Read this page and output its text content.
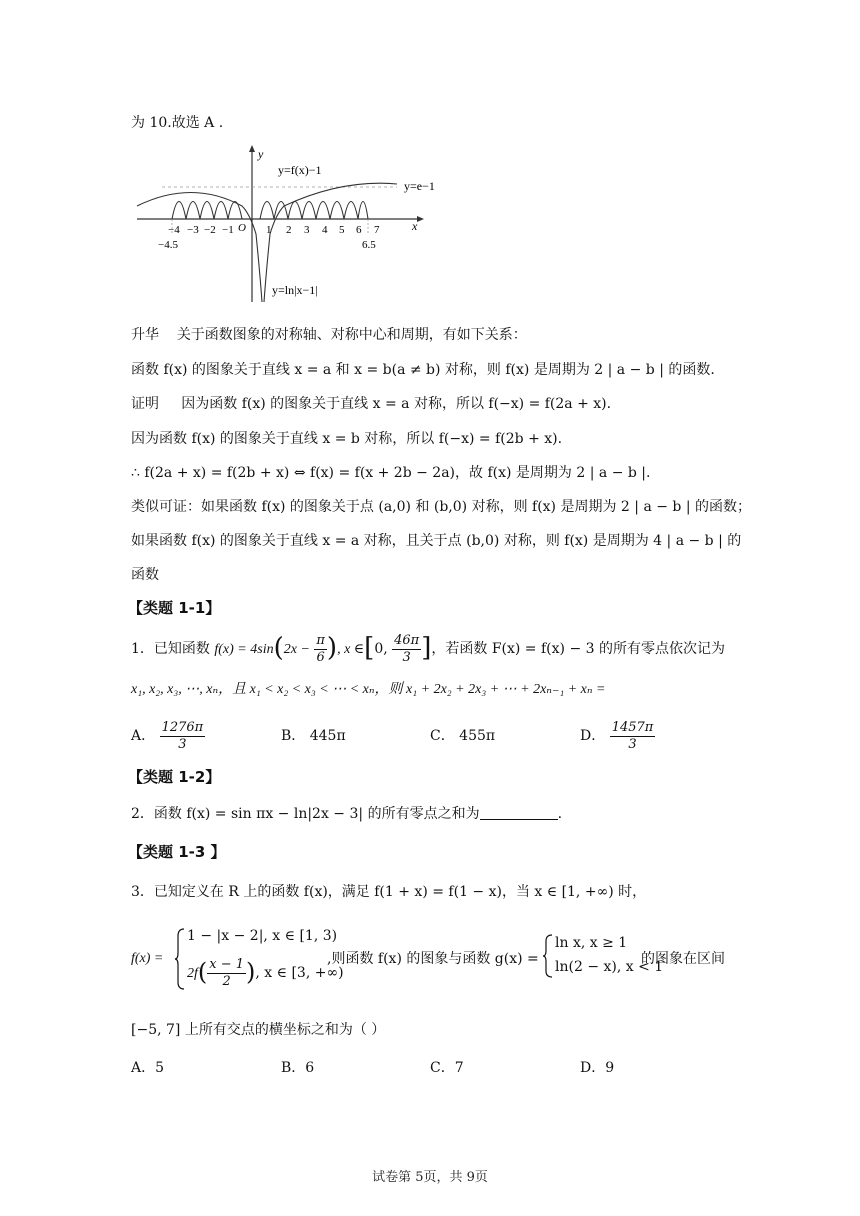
为 10.故选 A .
y
x
O
y=e−1
y=f(x)−1
y=ln|x−1|
−4 −3 −2 −1	1 2 3 4 5 6 7
−4.5	6.5
升华 关于函数图象的对称轴、对称中心和周期，有如下关系：
函数 f(x) 的图象关于直线 x = a 和 x = b(a ≠ b) 对称，则 f(x) 是周期为 2 | a − b | 的函数.
证明 因为函数 f(x) 的图象关于直线 x = a 对称，所以 f(−x) = f(2a + x).
因为函数 f(x) 的图象关于直线 x = b 对称，所以 f(−x) = f(2b + x).
∴ f(2a + x) = f(2b + x) ⇔ f(x) = f(x + 2b − 2a)，故 f(x) 是周期为 2 | a − b |.
类似可证：如果函数 f(x) 的图象关于点 (a,0) 和 (b,0) 对称，则 f(x) 是周期为 2 | a − b | 的函数；
如果函数 f(x) 的图象关于直线 x = a 对称，且关于点 (b,0) 对称，则 f(x) 是周期为 4 | a − b | 的
函数
【类题 1-1】
1．已知函数 $f(x) = 4\sin(2x - \frac{\pi}{6}$ ), x ∈[0, $\frac{46\pi}{3}$ ]，若函数 F(x) = f(x) − 3 的所有零点依次记为
x₁, x₂, x₃, ⋯, xₙ，且 x₁ < x₂ < x₃ < ⋯ < xₙ，则 x₁ + 2x₂ + 2x₃ + ⋯ + 2xₙ₋₁ + xₙ =
A． $\frac{1276\pi}{3}$	B． 445π	C． 455π	D． $\frac{1457\pi}{3}$
【类题 1-2】
2．函数 f(x) = sin πx − ln|2x − 3| 的所有零点之和为	.
【类题 1-3 】
3．已知定义在 R 上的函数 f(x)，满足 f(1 + x) = f(1 − x)，当 x ∈ [1, +∞) 时，
f(x) =
1 − |x − 2|, x ∈ [1, 3)
$2f( \frac{x - 1}{2}$ ), x ∈ [3, +∞)
,则函数 f(x) 的图象与函数 g(x) =
ln x, x ≥ 1
ln(2 − x), x < 1
的图象在区间
[−5, 7] 上所有交点的横坐标之和为（ ）
A．5	B．6	C．7	D．9
试卷第 5页，共 9页
